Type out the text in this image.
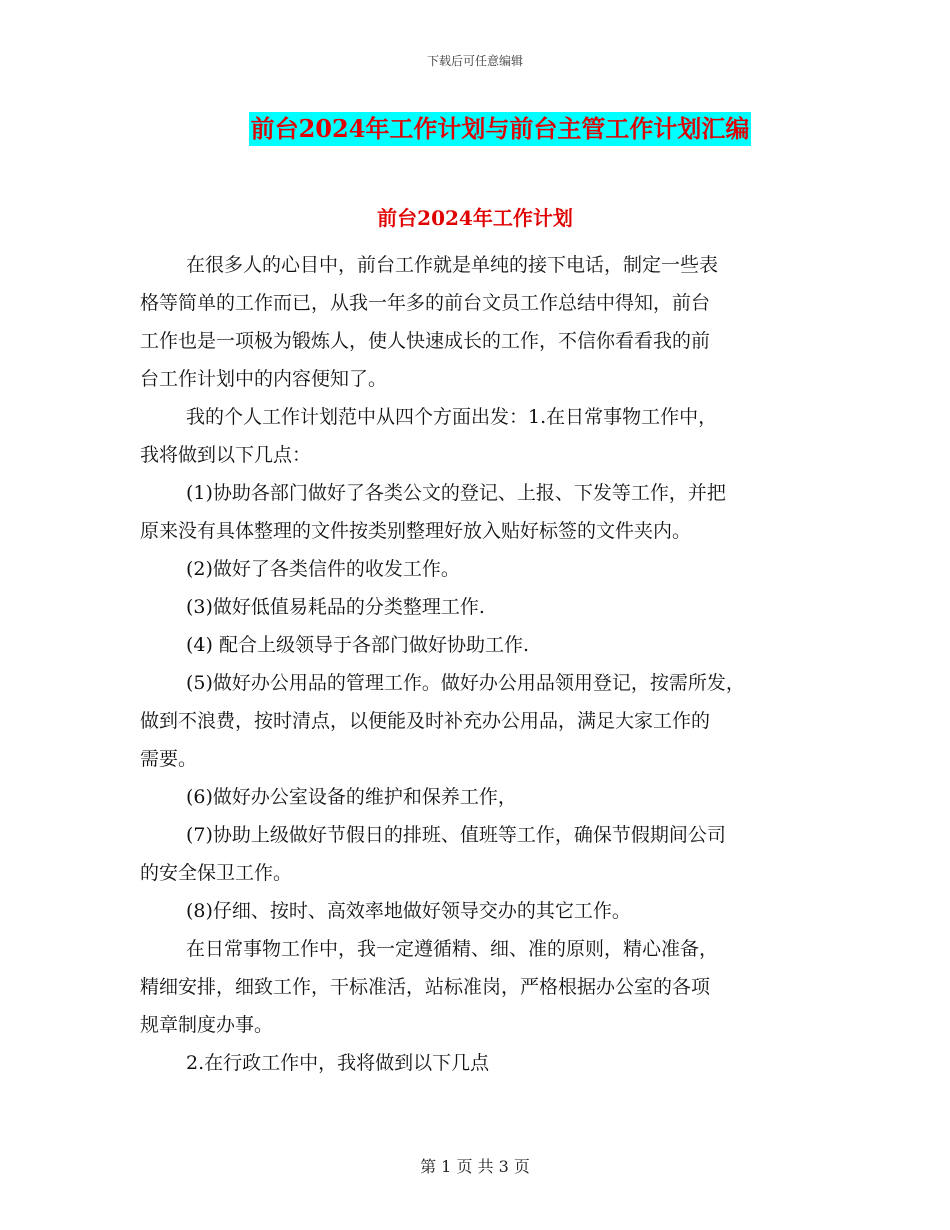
下载后可任意编辑
前台2024年工作计划与前台主管工作计划汇编
前台2024年工作计划

在很多人的心目中，前台工作就是单纯的接下电话，制定一些表

格等简单的工作而已，从我一年多的前台文员工作总结中得知，前台

工作也是一项极为锻炼人，使人快速成长的工作，不信你看看我的前

台工作计划中的内容便知了。

我的个人工作计划范中从四个方面出发：1.在日常事物工作中，

我将做到以下几点：

(1)协助各部门做好了各类公文的登记、上报、下发等工作，并把

原来没有具体整理的文件按类别整理好放入贴好标签的文件夹内。

(2)做好了各类信件的收发工作。

(3)做好低值易耗品的分类整理工作.

(4) 配合上级领导于各部门做好协助工作.

(5)做好办公用品的管理工作。做好办公用品领用登记，按需所发，

做到不浪费，按时清点，以便能及时补充办公用品，满足大家工作的

需要。

(6)做好办公室设备的维护和保养工作，

(7)协助上级做好节假日的排班、值班等工作，确保节假期间公司

的安全保卫工作。

(8)仔细、按时、高效率地做好领导交办的其它工作。

在日常事物工作中，我一定遵循精、细、准的原则，精心准备，

精细安排，细致工作，干标准活，站标准岗，严格根据办公室的各项

规章制度办事。

2.在行政工作中，我将做到以下几点

第 1 页 共 3 页
